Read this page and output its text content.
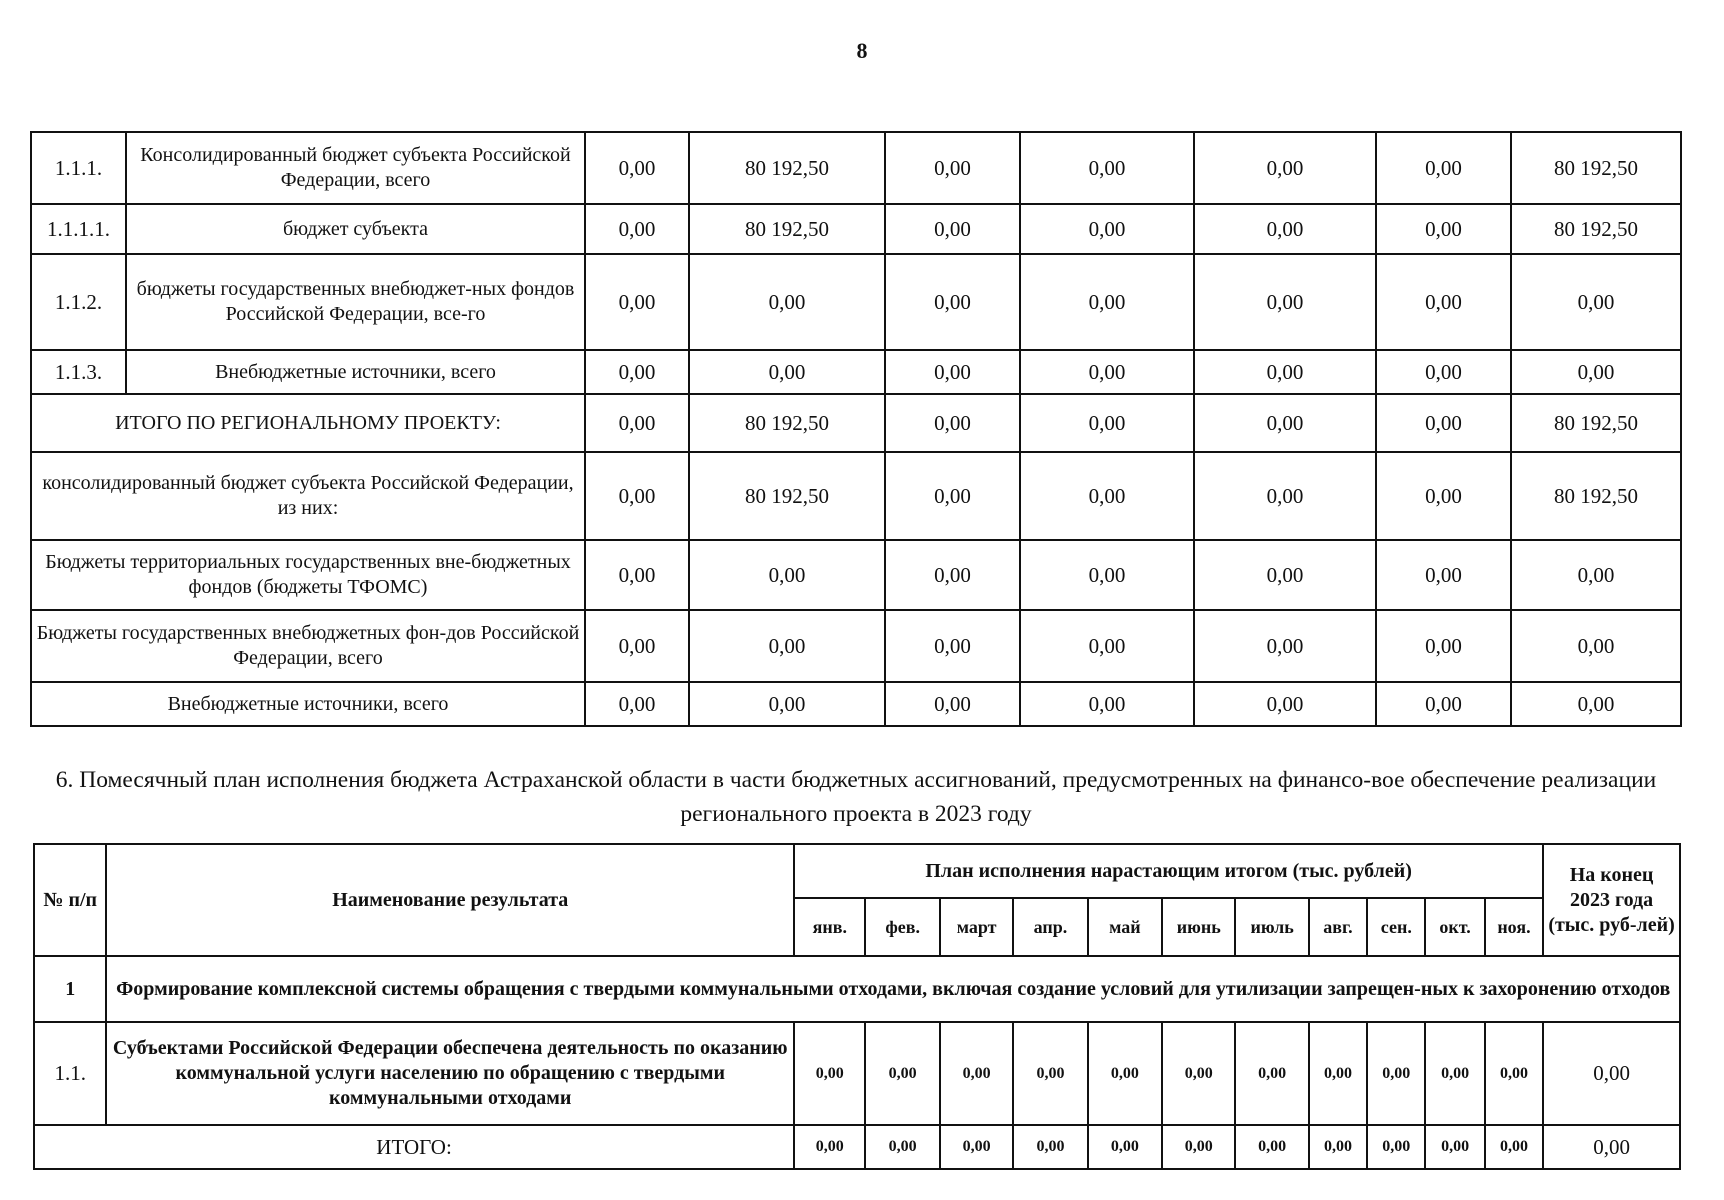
8
1.1.1.	Консолидированный бюджет субъекта Российской Федерации, всего	0,00	80 192,50	0,00	0,00	0,00	0,00	80 192,50
1.1.1.1.	бюджет субъекта	0,00	80 192,50	0,00	0,00	0,00	0,00	80 192,50
1.1.2.	бюджеты государственных внебюджет-ных фондов Российской Федерации, все-го	0,00	0,00	0,00	0,00	0,00	0,00	0,00
1.1.3.	Внебюджетные источники, всего	0,00	0,00	0,00	0,00	0,00	0,00	0,00
ИТОГО ПО РЕГИОНАЛЬНОМУ ПРОЕКТУ:		0,00	80 192,50	0,00	0,00	0,00	0,00	80 192,50
консолидированный бюджет субъекта Российской Федерации, из них:		0,00	80 192,50	0,00	0,00	0,00	0,00	80 192,50
Бюджеты территориальных государственных вне-бюджетных фондов (бюджеты ТФОМС)		0,00	0,00	0,00	0,00	0,00	0,00	0,00
Бюджеты государственных внебюджетных фон-дов Российской Федерации, всего		0,00	0,00	0,00	0,00	0,00	0,00	0,00
Внебюджетные источники, всего		0,00	0,00	0,00	0,00	0,00	0,00	0,00
6. Помесячный план исполнения бюджета Астраханской области в части бюджетных ассигнований, предусмотренных на финансо-вое обеспечение реализации регионального проекта в 2023 году
№ п/п	Наименование результата	План исполнения нарастающим итогом (тыс. рублей)											На конец 2023 года (тыс. руб-лей)
		янв.	фев.	март	апр.	май	июнь	июль	авг.	сен.	окт.	ноя.	
1	Формирование комплексной системы обращения с твердыми коммунальными отходами, включая создание условий для утилизации запрещен-ных к захоронению отходов												
1.1.	Субъектами Российской Федерации обеспечена деятельность по оказанию коммунальной услуги населению по обращению с твердыми коммунальными отходами	0,00	0,00	0,00	0,00	0,00	0,00	0,00	0,00	0,00	0,00	0,00	0,00
ИТОГО:		0,00	0,00	0,00	0,00	0,00	0,00	0,00	0,00	0,00	0,00	0,00	0,00
